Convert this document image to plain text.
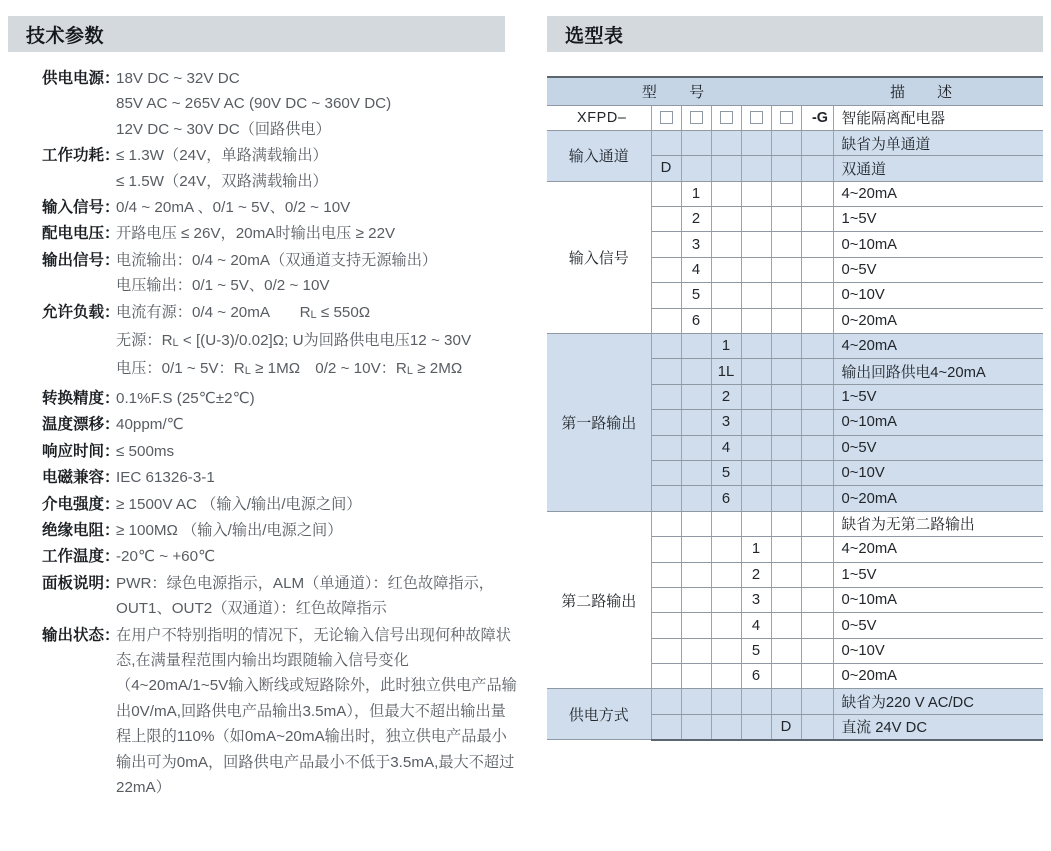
技术参数	选型表
供电电源 ：
18V DC ~ 32V DC
85V AC ~ 265V AC (90V DC ~ 360V DC)
12V DC ~ 30V DC（回路供电）
工作功耗 ：
≤ 1.3W（24V，单路满载输出）
≤ 1.5W（24V，双路满载输出）
输入信号 ：
0/4 ~ 20mA 、0/1 ~ 5V、0/2 ~ 10V
配电电压 ：
开路电压 ≤ 26V，20mA时输出电压 ≥ 22V
输出信号 ：
电流输出：0/4 ~ 20mA（双通道支持无源输出）
电压输出：0/1 ~ 5V、0/2 ~ 10V
允许负载 ：
电流有源：0/4 ~ 20mA　　RL ≤ 550Ω
无源：RL < [(U-3)/0.02]Ω; U为回路供电电压12 ~ 30V
电压：0/1 ~ 5V：RL ≥ 1MΩ　0/2 ~ 10V：RL ≥ 2MΩ
转换精度 ：
0.1%F.S (25℃±2℃)
温度漂移 ：
40ppm/℃
响应时间 ：
≤ 500ms
电磁兼容 ：
IEC 61326-3-1
介电强度 ：
≥ 1500V AC （输入/输出/电源之间）
绝缘电阻 ：
≥ 100MΩ （输入/输出/电源之间）
工作温度 ：
-20℃ ~ +60℃
面板说明 ：
PWR：绿色电源指示，ALM（单通道）：红色故障指示，OUT1、OUT2（双通道）：红色故障指示
输出状态 ：
在用户不特别指明的情况下，无论输入信号出现何种故障状态,在满量程范围内输出均跟随输入信号变化（4~20mA/1~5V输入断线或短路除外，此时独立供电产品输出0V/mA,回路供电产品输出3.5mA），但最大不超出输出量程上限的110%（如0mA~20mA输出时，独立供电产品最小输出可为0mA，回路供电产品最小不低于3.5mA,最大不超过22mA）
型 号 描 述							

XFPD–						-G	智能隔离配电器
输入通道							缺省为单通道
	D						双通道
输入信号		1					4~20mA
		2					1~5V
		3					0~10mA
		4					0~5V
		5					0~10V
		6					0~20mA
第一路输出			1				4~20mA
			1L				输出回路供电4~20mA
			2				1~5V
			3				0~10mA
			4				0~5V
			5				0~10V
			6				0~20mA
第二路输出							缺省为无第二路输出
				1			4~20mA
				2			1~5V
				3			0~10mA
				4			0~5V
				5			0~10V
				6			0~20mA
供电方式							缺省为220 V AC/DC
					D		直流 24V DC
